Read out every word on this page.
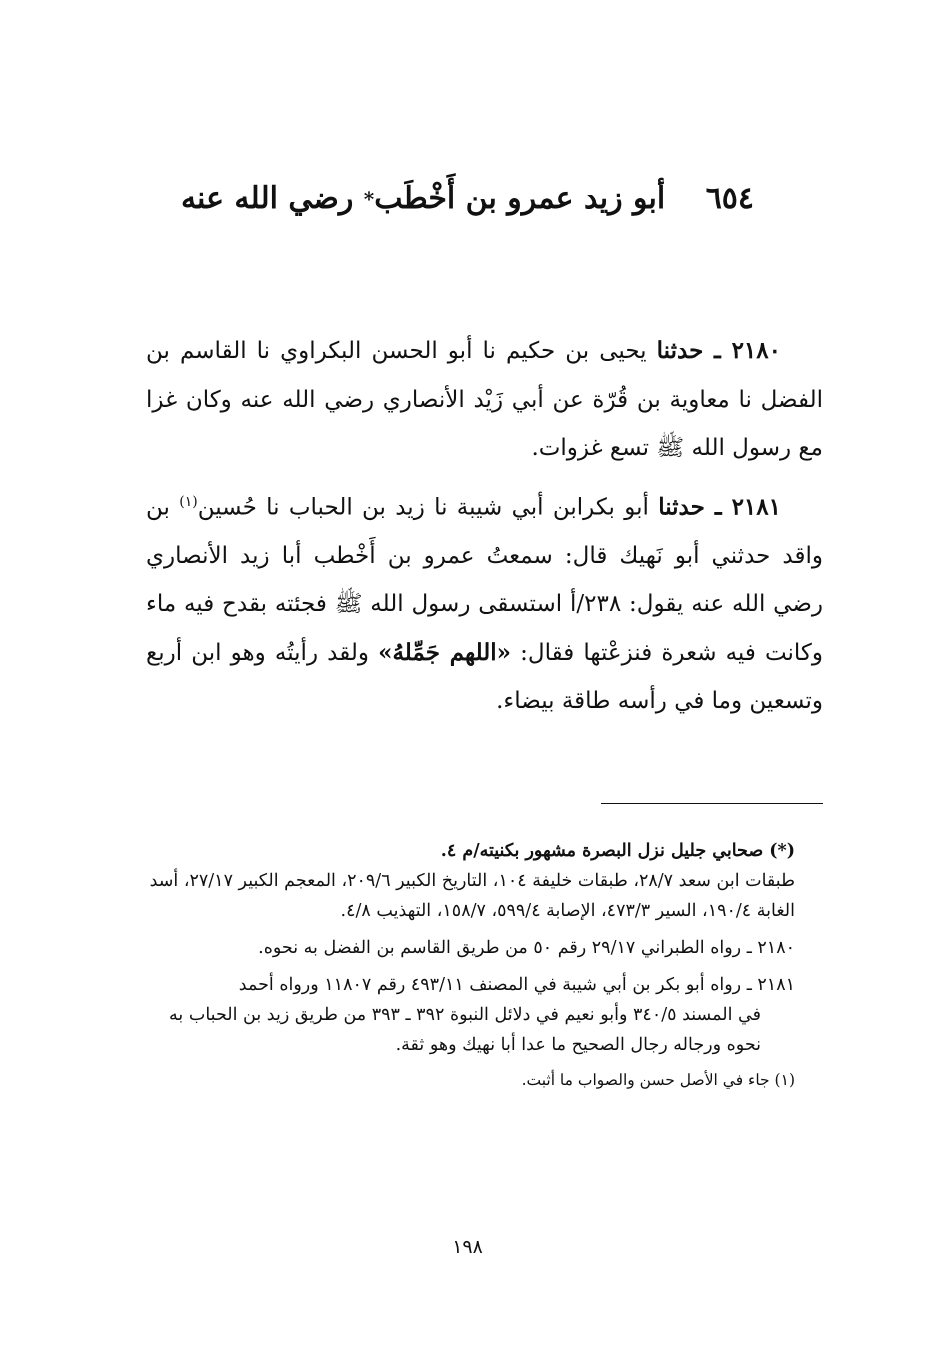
٦٥٤ أبو زيد عمرو بن أَخْطَب* رضي الله عنه

٢١٨٠ ـ حدثنا يحيى بن حكيم نا أبو الحسن البكراوي نا القاسم بن الفضل نا معاوية بن قُرّة عن أبي زَيْد الأنصاري رضي الله عنه وكان غزا مع رسول الله ﷺ تسع غزوات.

٢١٨١ ـ حدثنا أبو بكرابن أبي شيبة نا زيد بن الحباب نا حُسين$^{(١)}$ بن واقد حدثني أبو نَهيك قال: سمعتُ عمرو بن أَخْطب أبا زيد الأنصاري رضي الله عنه يقول: ٢٣٨/أ استسقى رسول الله ﷺ فجئته بقدح فيه ماء وكانت فيه شعرة فنزعْتها فقال: «اللهم جَمِّلهُ» ولقد رأيتُه وهو ابن أربع وتسعين وما في رأسه طاقة بيضاء.

(*) صحابي جليل نزل البصرة مشهور بكنيته/م ٤.
طبقات ابن سعد ٢٨/٧، طبقات خليفة ١٠٤، التاريخ الكبير ٢٠٩/٦، المعجم الكبير ٢٧/١٧، أسد الغابة ١٩٠/٤، السير ٤٧٣/٣، الإصابة ٥٩٩/٤، ١٥٨/٧، التهذيب ٤/٨.
٢١٨٠ ـ رواه الطبراني ٢٩/١٧ رقم ٥٠ من طريق القاسم بن الفضل به نحوه.
٢١٨١ ـ رواه أبو بكر بن أبي شيبة في المصنف ٤٩٣/١١ رقم ١١٨٠٧ ورواه أحمد
في المسند ٣٤٠/٥ وأبو نعيم في دلائل النبوة ٣٩٢ ـ ٣٩٣ من طريق زيد بن الحباب به نحوه ورجاله رجال الصحيح ما عدا أبا نهيك وهو ثقة.
(١) جاء في الأصل حسن والصواب ما أثبت.
١٩٨
